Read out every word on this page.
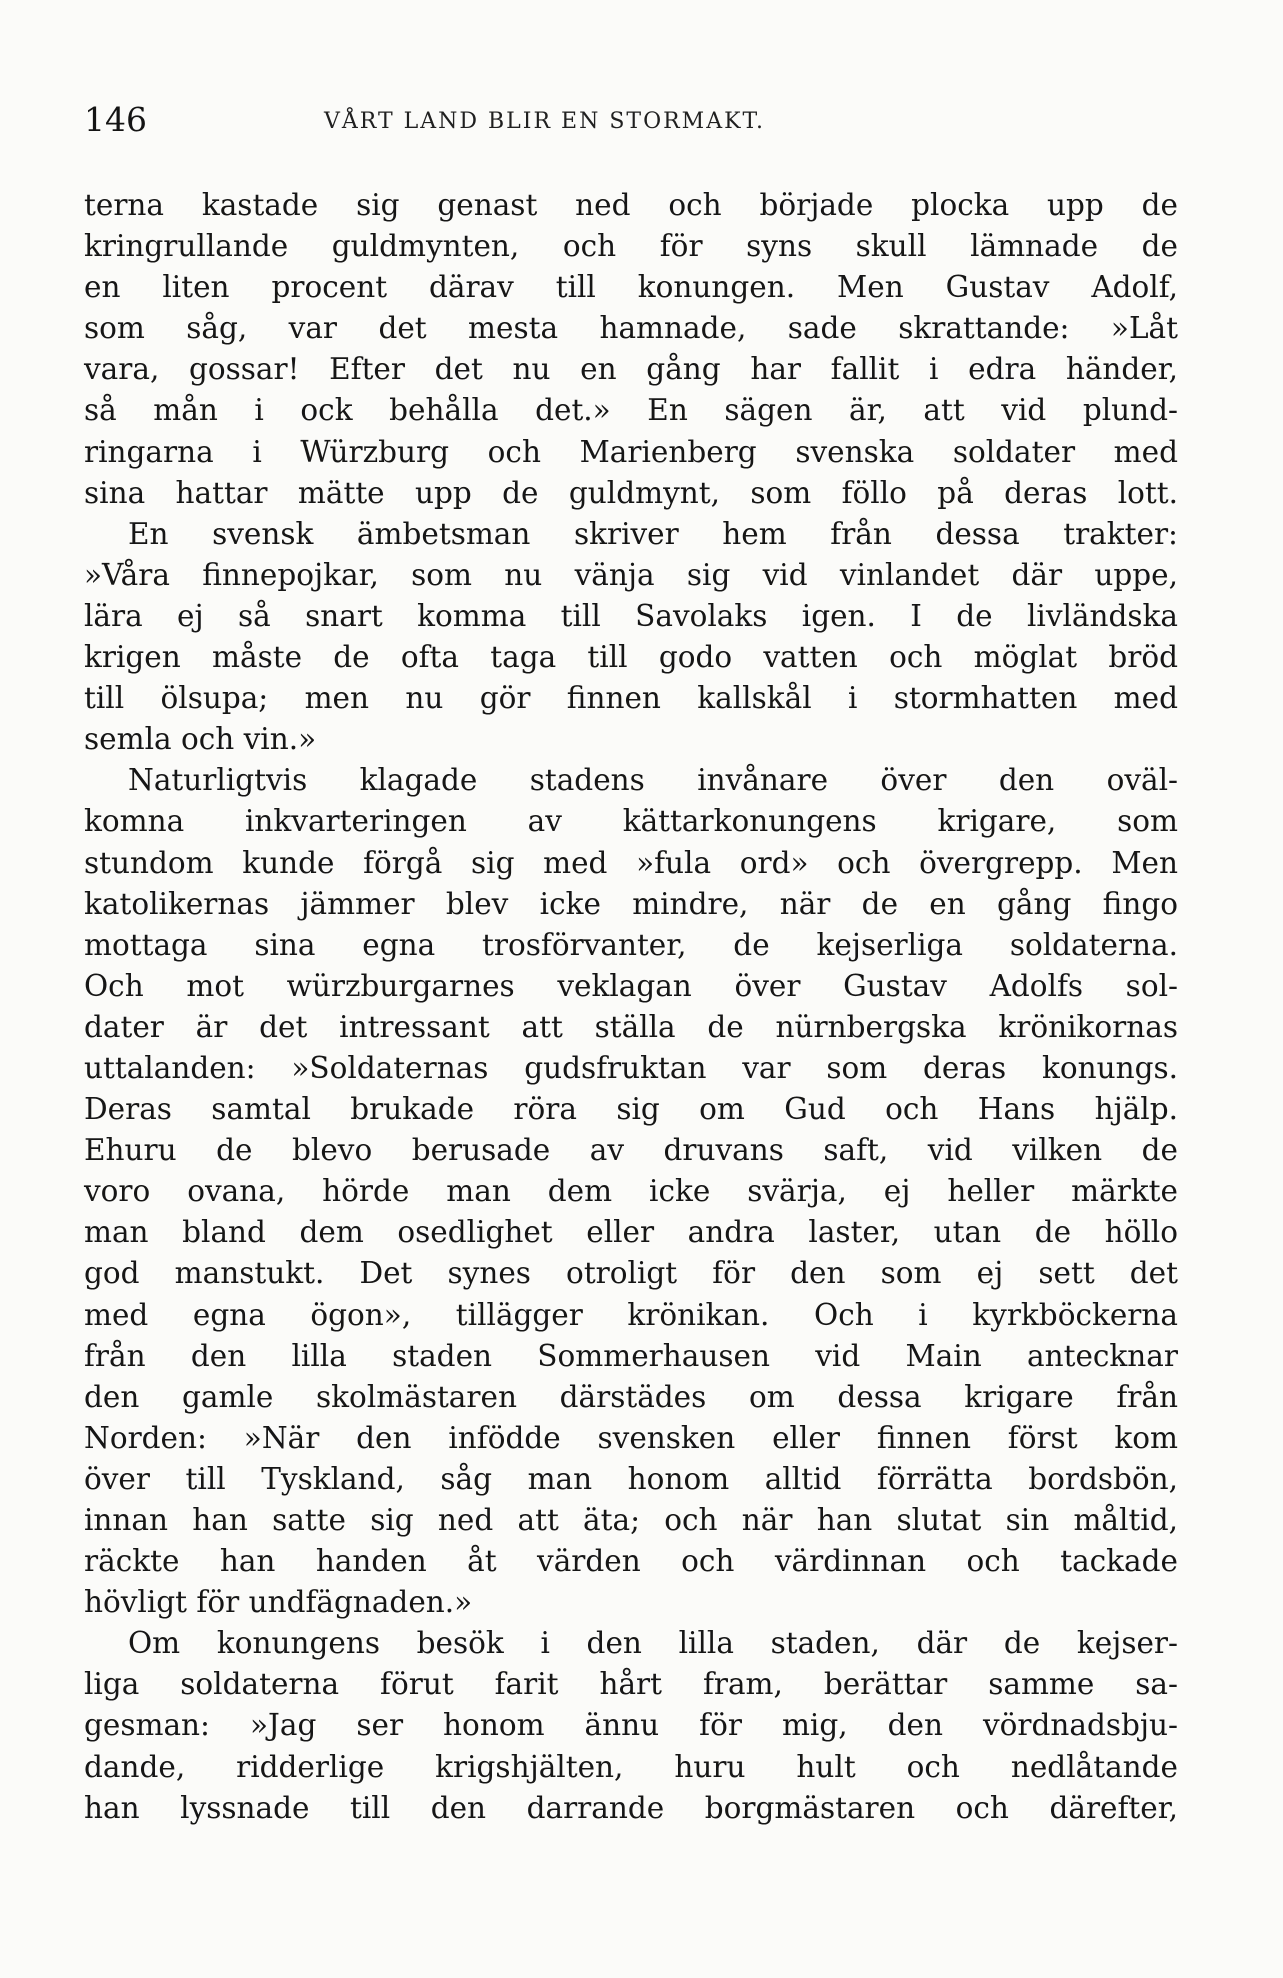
146	VÅRT LAND BLIR EN STORMAKT.
terna kastade sig genast ned och började plocka upp de
kringrullande guldmynten, och för syns skull lämnade de
en liten procent därav till konungen. Men Gustav Adolf,
som såg, var det mesta hamnade, sade skrattande: »Låt
vara, gossar! Efter det nu en gång har fallit i edra händer,
så mån i ock behålla det.» En sägen är, att vid plund-
ringarna i Würzburg och Marienberg svenska soldater med
sina hattar mätte upp de guldmynt, som föllo på deras lott.
En svensk ämbetsman skriver hem från dessa trakter:
»Våra finnepojkar, som nu vänja sig vid vinlandet där uppe,
lära ej så snart komma till Savolaks igen. I de livländska
krigen måste de ofta taga till godo vatten och möglat bröd
till ölsupa; men nu gör finnen kallskål i stormhatten med
semla och vin.»
Naturligtvis klagade stadens invånare över den oväl-
komna inkvarteringen av kättarkonungens krigare, som
stundom kunde förgå sig med »fula ord» och övergrepp. Men
katolikernas jämmer blev icke mindre, när de en gång fingo
mottaga sina egna trosförvanter, de kejserliga soldaterna.
Och mot würzburgarnes veklagan över Gustav Adolfs sol-
dater är det intressant att ställa de nürnbergska krönikornas
uttalanden: »Soldaternas gudsfruktan var som deras konungs.
Deras samtal brukade röra sig om Gud och Hans hjälp.
Ehuru de blevo berusade av druvans saft, vid vilken de
voro ovana, hörde man dem icke svärja, ej heller märkte
man bland dem osedlighet eller andra laster, utan de höllo
god manstukt. Det synes otroligt för den som ej sett det
med egna ögon», tillägger krönikan. Och i kyrkböckerna
från den lilla staden Sommerhausen vid Main antecknar
den gamle skolmästaren därstädes om dessa krigare från
Norden: »När den infödde svensken eller finnen först kom
över till Tyskland, såg man honom alltid förrätta bordsbön,
innan han satte sig ned att äta; och när han slutat sin måltid,
räckte han handen åt värden och värdinnan och tackade
hövligt för undfägnaden.»
Om konungens besök i den lilla staden, där de kejser-
liga soldaterna förut farit hårt fram, berättar samme sa-
gesman: »Jag ser honom ännu för mig, den vördnadsbju-
dande, ridderlige krigshjälten, huru hult och nedlåtande
han lyssnade till den darrande borgmästaren och därefter,
